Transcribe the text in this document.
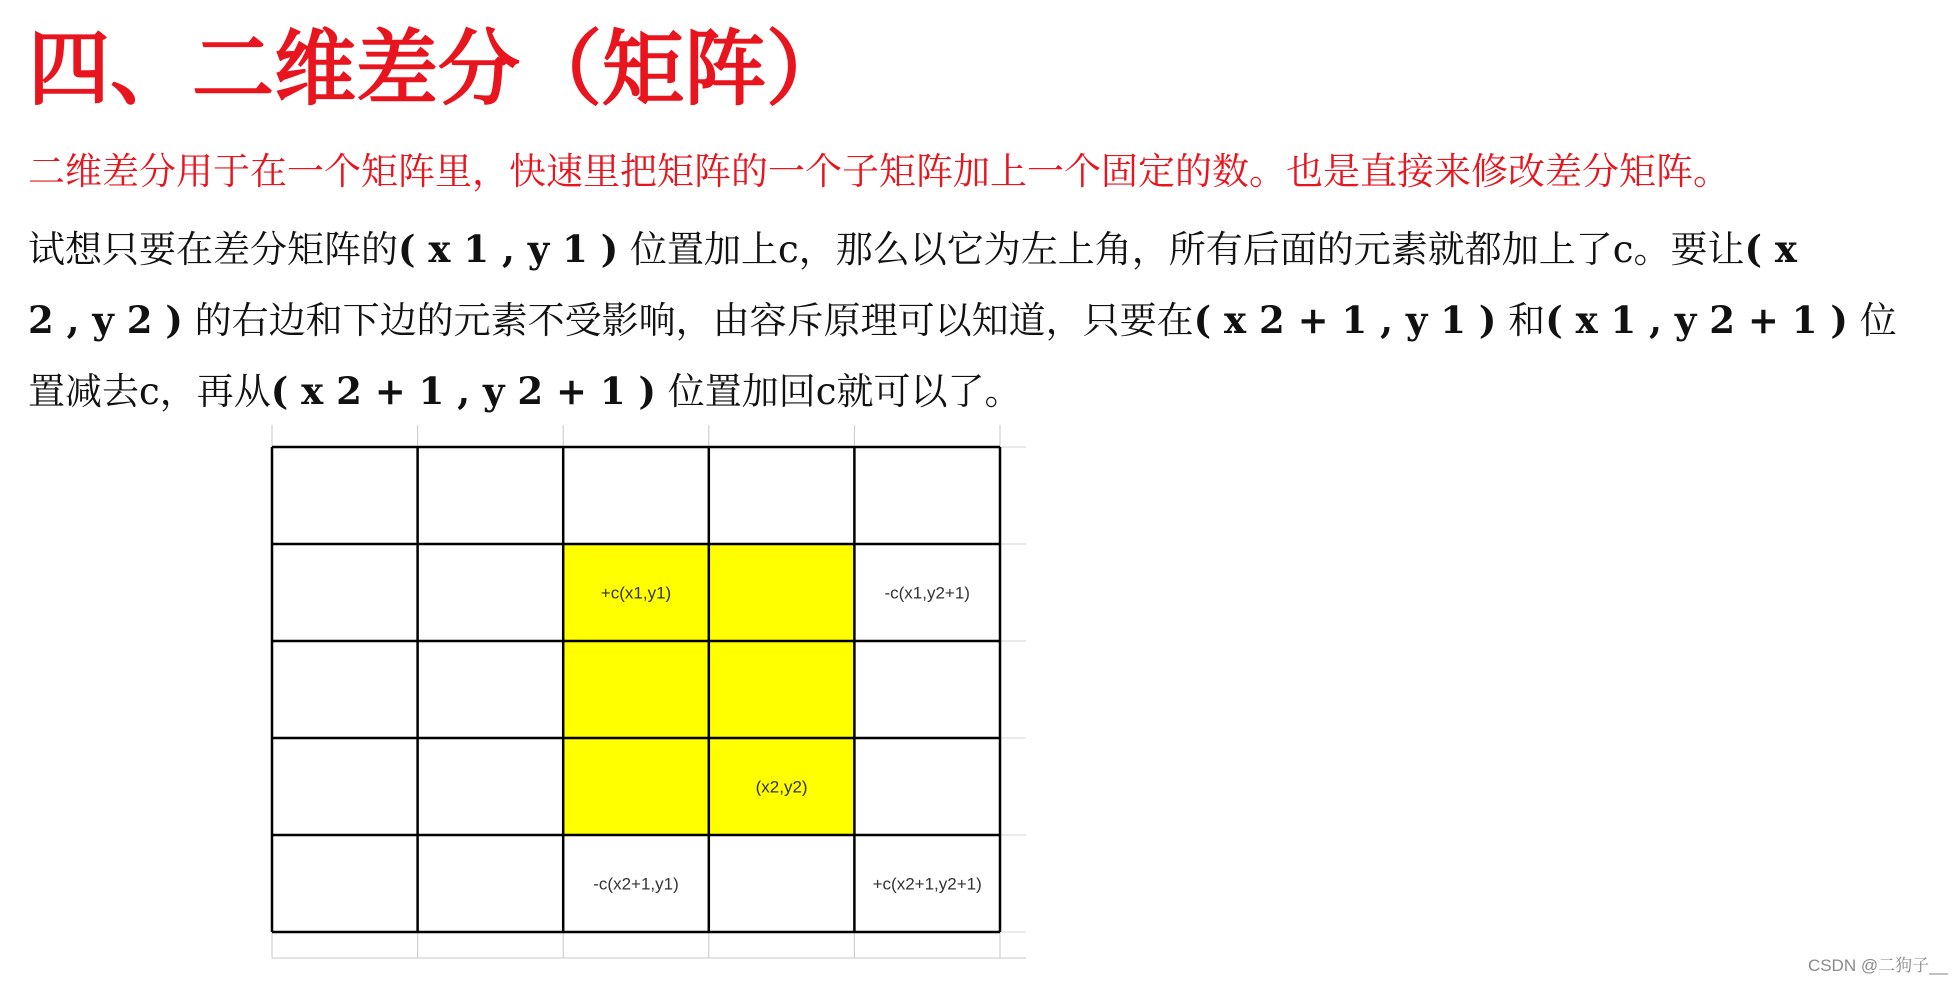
四、二维差分（矩阵）
二维差分用于在一个矩阵里，快速里把矩阵的一个子矩阵加上一个固定的数。也是直接来修改差分矩阵。
试想只要在差分矩阵的( x 1 , y 1 ) 位置加上c，那么以它为左上角，所有后面的元素就都加上了c。要让( x
2 , y 2 ) 的右边和下边的元素不受影响，由容斥原理可以知道，只要在( x 2 + 1 , y 1 ) 和( x 1 , y 2 + 1 ) 位
置减去c，再从( x 2 + 1 , y 2 + 1 ) 位置加回c就可以了。
+c(x1,y1)	-c(x1,y2+1)
(x2,y2)
-c(x2+1,y1)	+c(x2+1,y2+1)
CSDN @二狗子__
